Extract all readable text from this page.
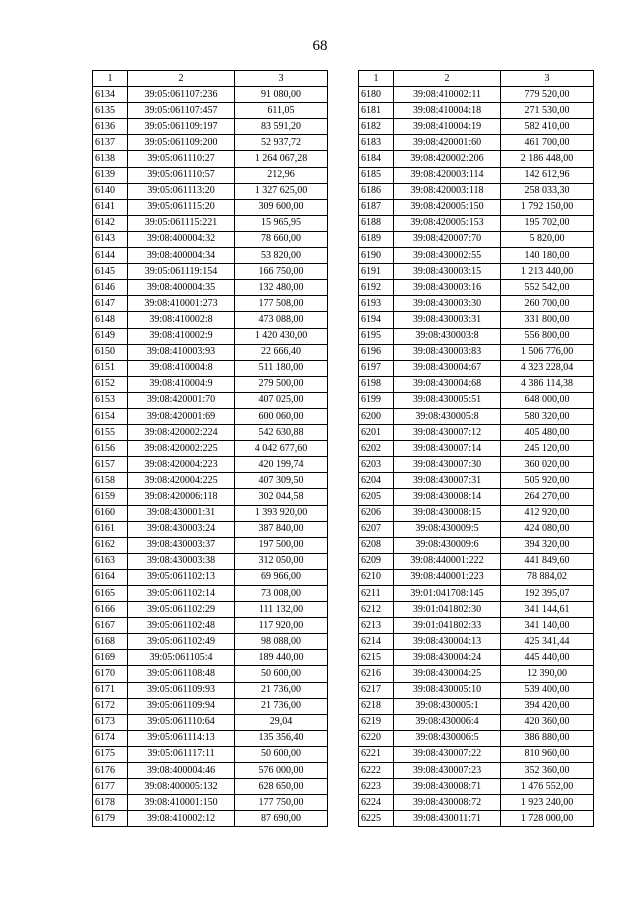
68
1	2	3
6134	39:05:061107:236	91 080,00
6135	39:05:061107:457	611,05
6136	39:05:061109:197	83 591,20
6137	39:05:061109:200	52 937,72
6138	39:05:061110:27	1 264 067,28
6139	39:05:061110:57	212,96
6140	39:05:061113:20	1 327 625,00
6141	39:05:061115:20	309 600,00
6142	39:05:061115:221	15 965,95
6143	39:08:400004:32	78 660,00
6144	39:08:400004:34	53 820,00
6145	39:05:061119:154	166 750,00
6146	39:08:400004:35	132 480,00
6147	39:08:410001:273	177 508,00
6148	39:08:410002:8	473 088,00
6149	39:08:410002:9	1 420 430,00
6150	39:08:410003:93	22 666,40
6151	39:08:410004:8	511 180,00
6152	39:08:410004:9	279 500,00
6153	39:08:420001:70	407 025,00
6154	39:08:420001:69	600 060,00
6155	39:08:420002:224	542 630,88
6156	39:08:420002:225	4 042 677,60
6157	39:08:420004:223	420 199,74
6158	39:08:420004:225	407 309,50
6159	39:08:420006:118	302 044,58
6160	39:08:430001:31	1 393 920,00
6161	39:08:430003:24	387 840,00
6162	39:08:430003:37	197 500,00
6163	39:08:430003:38	312 050,00
6164	39:05:061102:13	69 966,00
6165	39:05:061102:14	73 008,00
6166	39:05:061102:29	111 132,00
6167	39:05:061102:48	117 920,00
6168	39:05:061102:49	98 088,00
6169	39:05:061105:4	189 440,00
6170	39:05:061108:48	50 600,00
6171	39:05:061109:93	21 736,00
6172	39:05:061109:94	21 736,00
6173	39:05:061110:64	29,04
6174	39:05:061114:13	135 356,40
6175	39:05:061117:11	50 600,00
6176	39:08:400004:46	576 000,00
6177	39:08:400005:132	628 650,00
6178	39:08:410001:150	177 750,00
6179	39:08:410002:12	87 690,00
1	2	3
6180	39:08:410002:11	779 520,00
6181	39:08:410004:18	271 530,00
6182	39:08:410004:19	582 410,00
6183	39:08:420001:60	461 700,00
6184	39:08:420002:206	2 186 448,00
6185	39:08:420003:114	142 612,96
6186	39:08:420003:118	258 033,30
6187	39:08:420005:150	1 792 150,00
6188	39:08:420005:153	195 702,00
6189	39:08:420007:70	5 820,00
6190	39:08:430002:55	140 180,00
6191	39:08:430003:15	1 213 440,00
6192	39:08:430003:16	552 542,00
6193	39:08:430003:30	260 700,00
6194	39:08:430003:31	331 800,00
6195	39:08:430003:8	556 800,00
6196	39:08:430003:83	1 506 776,00
6197	39:08:430004:67	4 323 228,04
6198	39:08:430004:68	4 386 114,38
6199	39:08:430005:51	648 000,00
6200	39:08:430005:8	580 320,00
6201	39:08:430007:12	405 480,00
6202	39:08:430007:14	245 120,00
6203	39:08:430007:30	360 020,00
6204	39:08:430007:31	505 920,00
6205	39:08:430008:14	264 270,00
6206	39:08:430008:15	412 920,00
6207	39:08:430009:5	424 080,00
6208	39:08:430009:6	394 320,00
6209	39:08:440001:222	441 849,60
6210	39:08:440001:223	78 884,02
6211	39:01:041708:145	192 395,07
6212	39:01:041802:30	341 144,61
6213	39:01:041802:33	341 140,00
6214	39:08:430004:13	425 341,44
6215	39:08:430004:24	445 440,00
6216	39:08:430004:25	12 390,00
6217	39:08:430005:10	539 400,00
6218	39:08:430005:1	394 420,00
6219	39:08:430006:4	420 360,00
6220	39:08:430006:5	386 880,00
6221	39:08:430007:22	810 960,00
6222	39:08:430007:23	352 360,00
6223	39:08:430008:71	1 476 552,00
6224	39:08:430008:72	1 923 240,00
6225	39:08:430011:71	1 728 000,00
